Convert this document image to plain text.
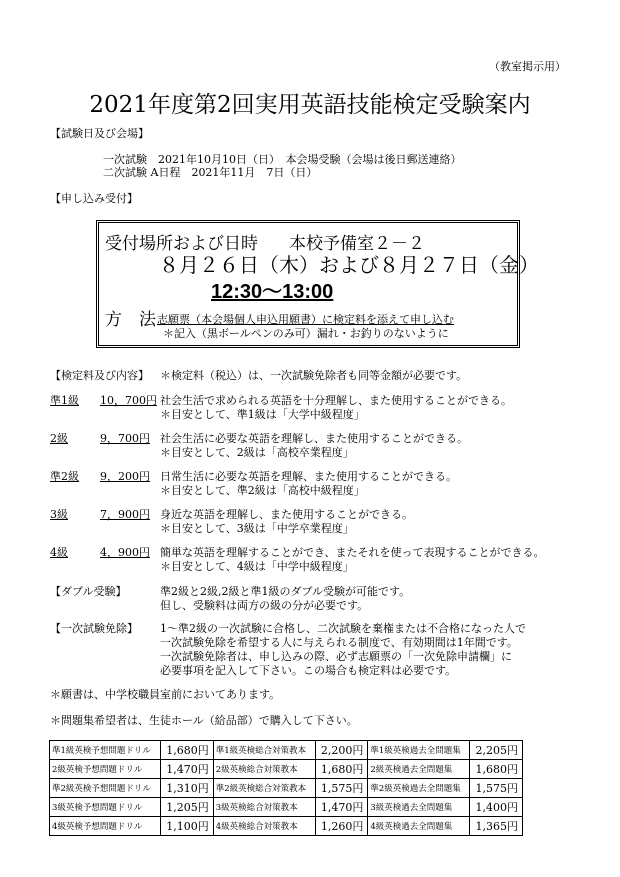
（教室掲示用）
2021年度第2回実用英語技能検定受験案内
【試験日及び会場】
一次試験　2021年10月10日（日）　本会場受験（会場は後日郵送連絡）
二次試験 A日程　2021年11月　7日（日）
【申し込み受付】
受付場所および日時 本校予備室２－２
８月２６日（木）および８月２７日（金）
12:30～13:00
方　法 志願票（本会場個人申込用願書）に検定料を添えて申し込む
＊記入（黒ボールペンのみ可）漏れ・お釣りのないように
【検定料及び内容】 ＊検定料（税込）は、一次試験免除者も同等金額が必要です。
準1級 10，700円 社会生活で求められる英語を十分理解し、また使用することができる。
＊目安として、準1級は「大学中級程度」
2級	9，700円 社会生活に必要な英語を理解し、また使用することができる。
＊目安として、2級は「高校卒業程度」
準2級 9，200円 日常生活に必要な英語を理解、また使用することができる。
＊目安として、準2級は「高校中級程度」
3級	7，900円 身近な英語を理解し、また使用することができる。
＊目安として、3級は「中学卒業程度」
4級	4，900円 簡単な英語を理解することができ、またそれを使って表現することができる。
＊目安として、4級は「中学中級程度」
【ダブル受験】	準2級と2級,2級と準1級のダブル受験が可能です。
但し、受験料は両方の級の分が必要です。
【一次試験免除】 1～準2級の一次試験に合格し、二次試験を棄権または不合格になった人で
一次試験免除を希望する人に与えられる制度で、有効期間は1年間です。
一次試験免除者は、申し込みの際、必ず志願票の「一次免除申請欄」に
必要事項を記入して下さい。この場合も検定料は必要です。
＊願書は、中学校職員室前においてあります。
＊問題集希望者は、生徒ホール（給品部）で購入して下さい。
準1級英検予想問題ドリル	1,680円	準1級英検総合対策教本	2,200円	準1級英検過去全問題集	2,205円
2級英検予想問題ドリル	1,470円	2級英検総合対策教本	1,680円	2級英検過去全問題集	1,680円
準2級英検予想問題ドリル	1,310円	準2級英検総合対策教本	1,575円	準2級英検過去全問題集	1,575円
3級英検予想問題ドリル	1,205円	3級英検総合対策教本	1,470円	3級英検過去全問題集	1,400円
4級英検予想問題ドリル	1,100円	4級英検総合対策教本	1,260円	4級英検過去全問題集	1,365円
